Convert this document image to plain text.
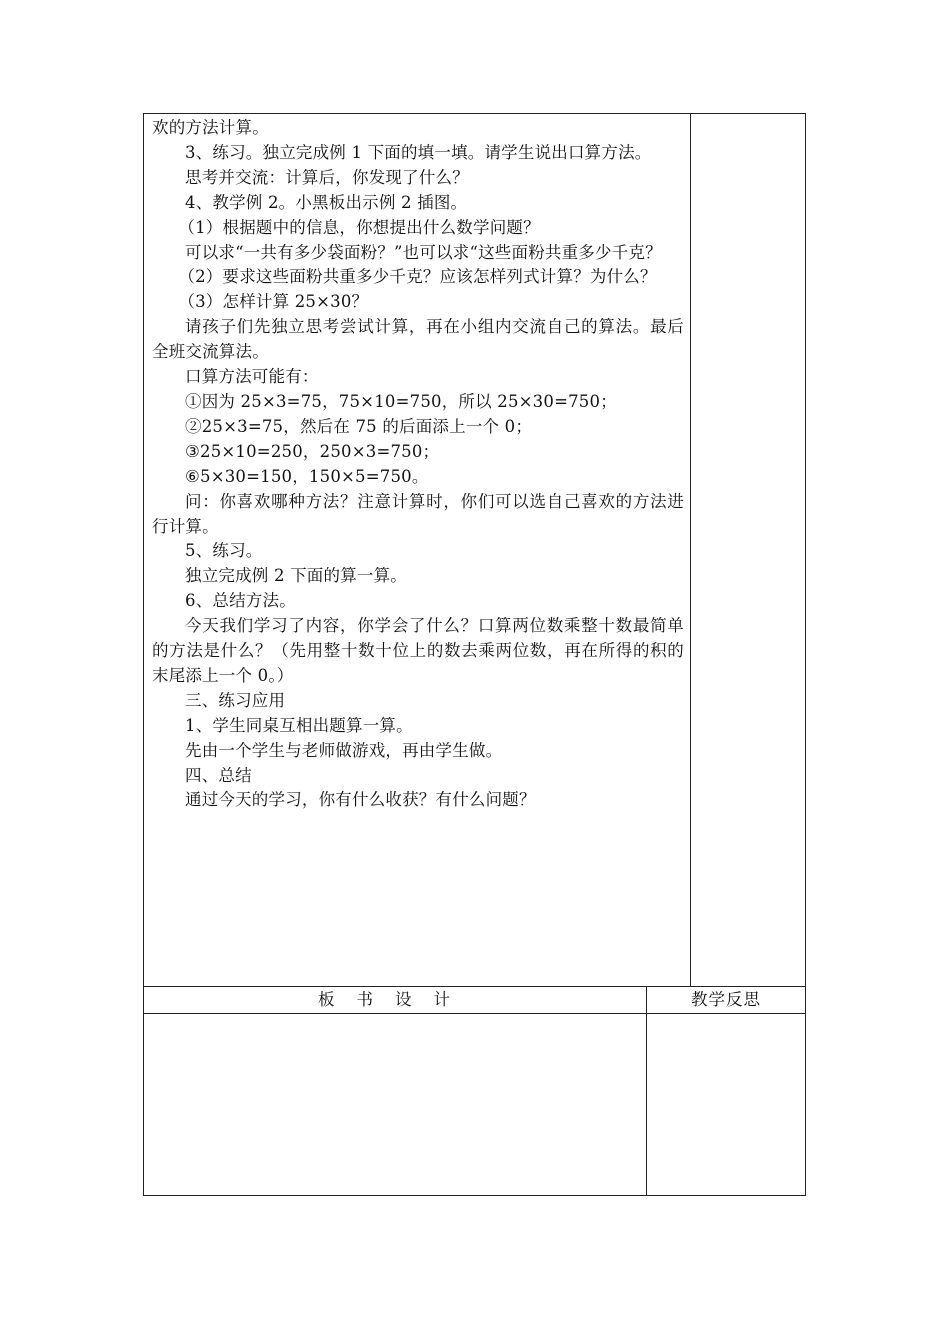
欢的方法计算。

3、练习。独立完成例 1 下面的填一填。请学生说出口算方法。

思考并交流：计算后，你发现了什么？

4、教学例 2。小黑板出示例 2 插图。

（1）根据题中的信息，你想提出什么数学问题？

可以求“一共有多少袋面粉？”也可以求“这些面粉共重多少千克？

（2）要求这些面粉共重多少千克？应该怎样列式计算？为什么？

（3）怎样计算 25×30？

请孩子们先独立思考尝试计算，再在小组内交流自己的算法。最后全班交流算法。

口算方法可能有：

①因为 25×3=75，75×10=750，所以 25×30=750；

②25×3=75，然后在 75 的后面添上一个 0；

③25×10=250，250×3=750；

⑥5×30=150，150×5=750。

问：你喜欢哪种方法？注意计算时，你们可以选自己喜欢的方法进行计算。

5、练习。

独立完成例 2 下面的算一算。

6、总结方法。

今天我们学习了内容，你学会了什么？口算两位数乘整十数最简单的方法是什么？（先用整十数十位上的数去乘两位数，再在所得的积的末尾添上一个 0。）

三、练习应用

1、学生同桌互相出题算一算。

先由一个学生与老师做游戏，再由学生做。

四、总结

通过今天的学习，你有什么收获？有什么问题？

板书设计	教学反思
